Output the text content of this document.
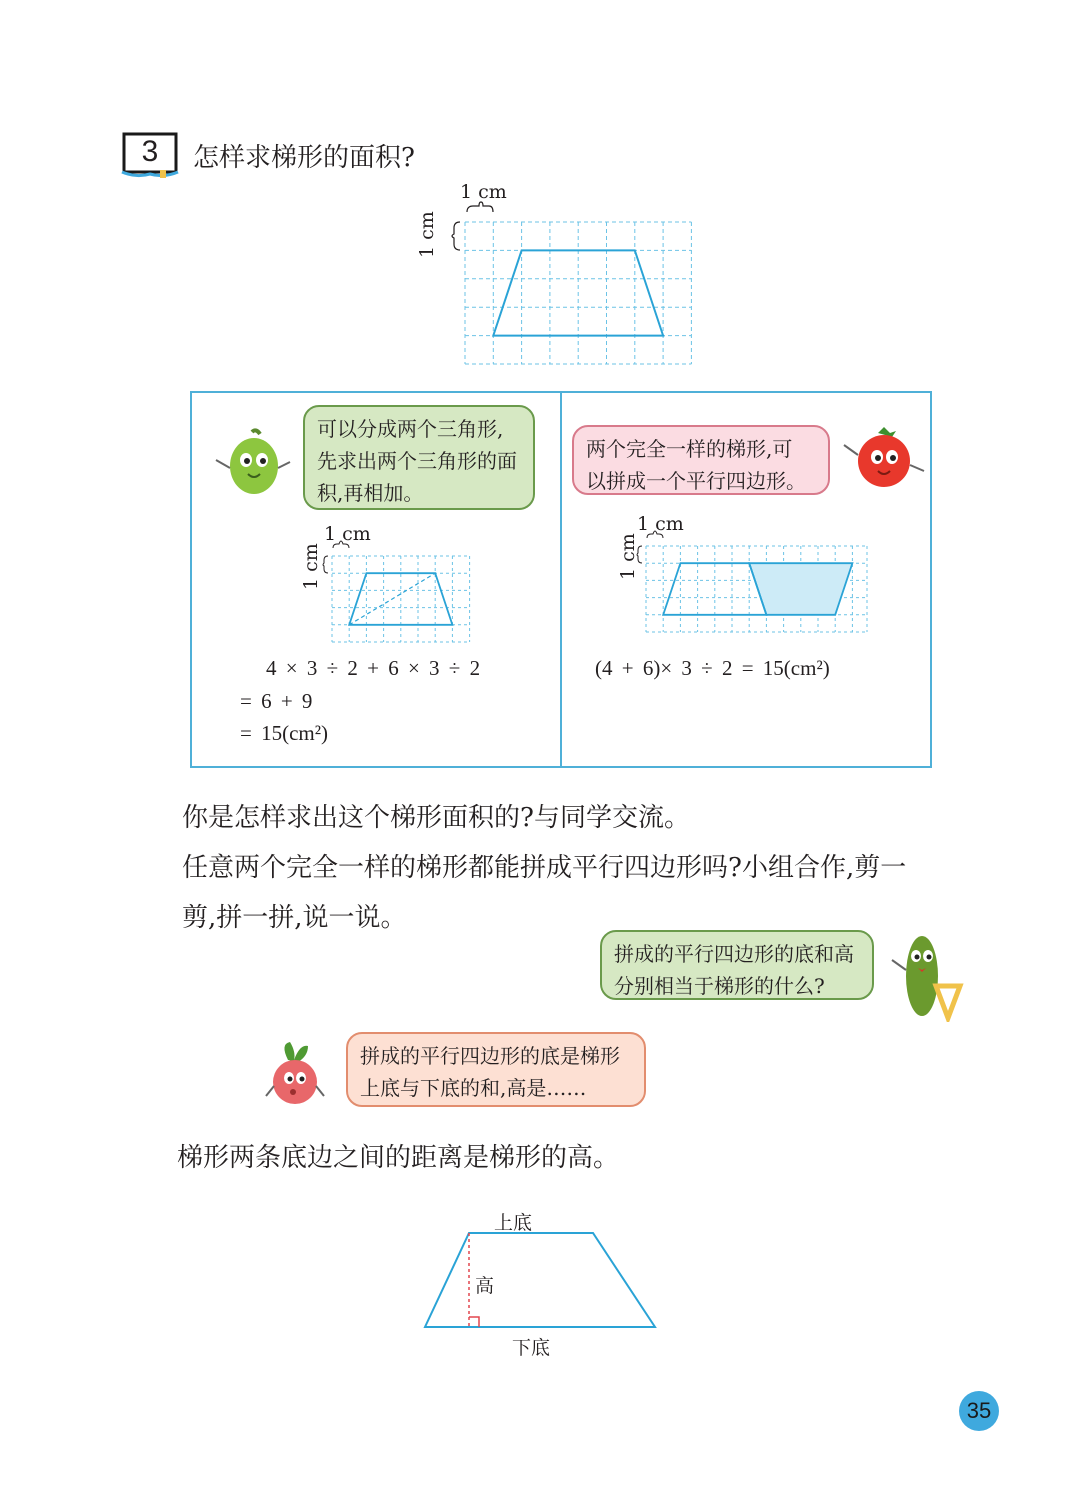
3	怎样求梯形的面积?
1 cm
1 cm
可以分成两个三角形,
先求出两个三角形的面
积,再相加。
1 cm
1 cm
4 × 3 ÷ 2 + 6 × 3 ÷ 2
= 6 + 9
= 15(cm²)
两个完全一样的梯形,可
以拼成一个平行四边形。
1 cm
1 cm
(4 + 6)× 3 ÷ 2 = 15(cm²)
你是怎样求出这个梯形面积的?与同学交流。
任意两个完全一样的梯形都能拼成平行四边形吗?小组合作,剪一
剪,拼一拼,说一说。
拼成的平行四边形的底和高
分别相当于梯形的什么?
拼成的平行四边形的底是梯形
上底与下底的和,高是……
梯形两条底边之间的距离是梯形的高。
上底
高
下底
35
